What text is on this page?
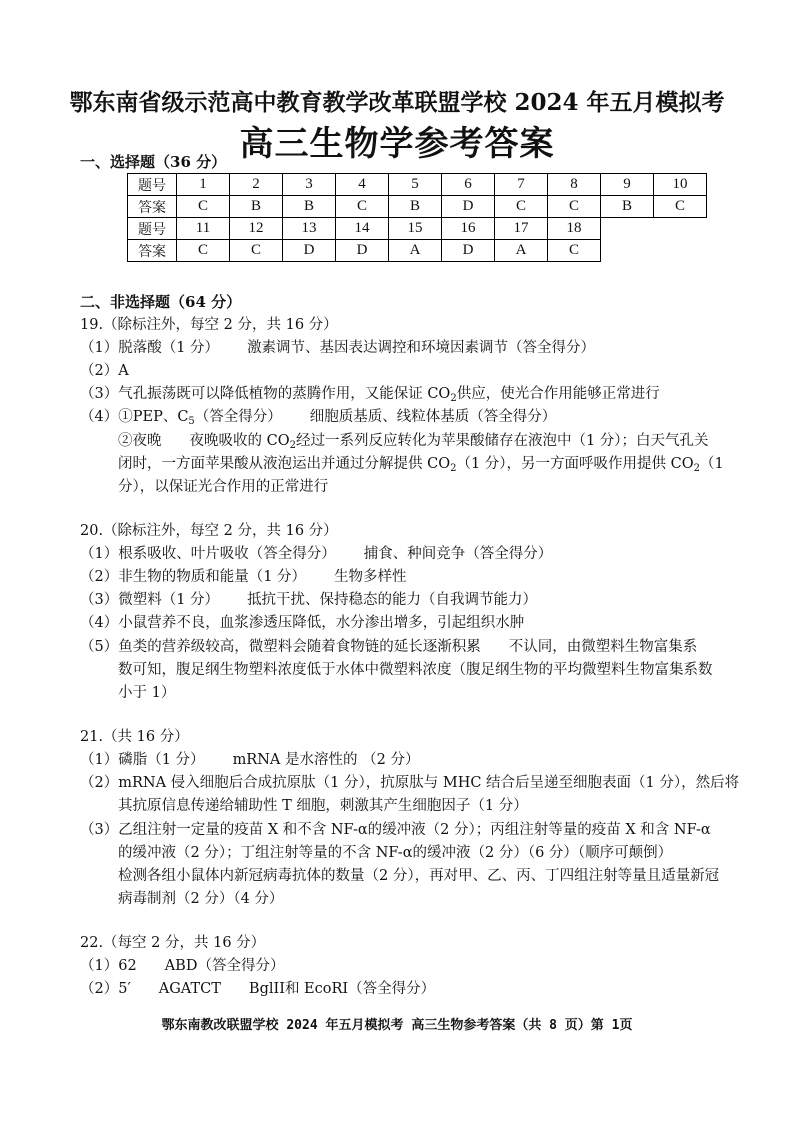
鄂东南省级示范高中教育教学改革联盟学校 2024 年五月模拟考
高三生物学参考答案
一、选择题（36 分）
题号	1	2	3	4	5	6	7	8	9	10
答案	C	B	B	C	B	D	C	C	B	C
题号	11	12	13	14	15	16	17	18		
答案	C	C	D	D	A	D	A	C		
二、非选择题（64 分）
19.（除标注外，每空 2 分，共 16 分）
（1）脱落酸（1 分） 激素调节、基因表达调控和环境因素调节（答全得分）
（2）A
（3）气孔振荡既可以降低植物的蒸腾作用，又能保证 $CO_2$供应，使光合作用能够正常进行
（4）①PEP、$C_5$（答全得分） 细胞质基质、线粒体基质（答全得分）
②夜晚 夜晚吸收的 $CO_2$经过一系列反应转化为苹果酸储存在液泡中（1 分）；白天气孔关
闭时，一方面苹果酸从液泡运出并通过分解提供 $CO_2(1$ 分），另一方面呼吸作用提供 $CO_2(1$
分），以保证光合作用的正常进行
20.（除标注外，每空 2 分，共 16 分）
（1）根系吸收、叶片吸收（答全得分） 捕食、种间竞争（答全得分）
（2）非生物的物质和能量（1 分） 生物多样性
（3）微塑料（1 分） 抵抗干扰、保持稳态的能力（自我调节能力）
（4）小鼠营养不良，血浆渗透压降低，水分渗出增多，引起组织水肿
（5）鱼类的营养级较高，微塑料会随着食物链的延长逐渐积累 不认同，由微塑料生物富集系
数可知，腹足纲生物塑料浓度低于水体中微塑料浓度（腹足纲生物的平均微塑料生物富集系数
小于 1）
21.（共 16 分）
（1）磷脂（1 分） mRNA 是水溶性的 （2 分）
（2）mRNA 侵入细胞后合成抗原肽（1 分），抗原肽与 MHC 结合后呈递至细胞表面（1 分），然后将
其抗原信息传递给辅助性 T 细胞，刺激其产生细胞因子（1 分）
（3）乙组注射一定量的疫苗 X 和不含 NF-α的缓冲液（2 分）；丙组注射等量的疫苗 X 和含 NF-α
的缓冲液（2 分）；丁组注射等量的不含 NF-α的缓冲液（2 分）（6 分）（顺序可颠倒）
检测各组小鼠体内新冠病毒抗体的数量（2 分），再对甲、乙、丙、丁四组注射等量且适量新冠
病毒制剂（2 分）（4 分）
22.（每空 2 分，共 16 分）
（1）62 ABD（答全得分）
（2）5′ AGATCT BglII和 EcoRI（答全得分）
鄂东南教改联盟学校 2024 年五月模拟考 高三生物参考答案（共 8 页）第 1页
